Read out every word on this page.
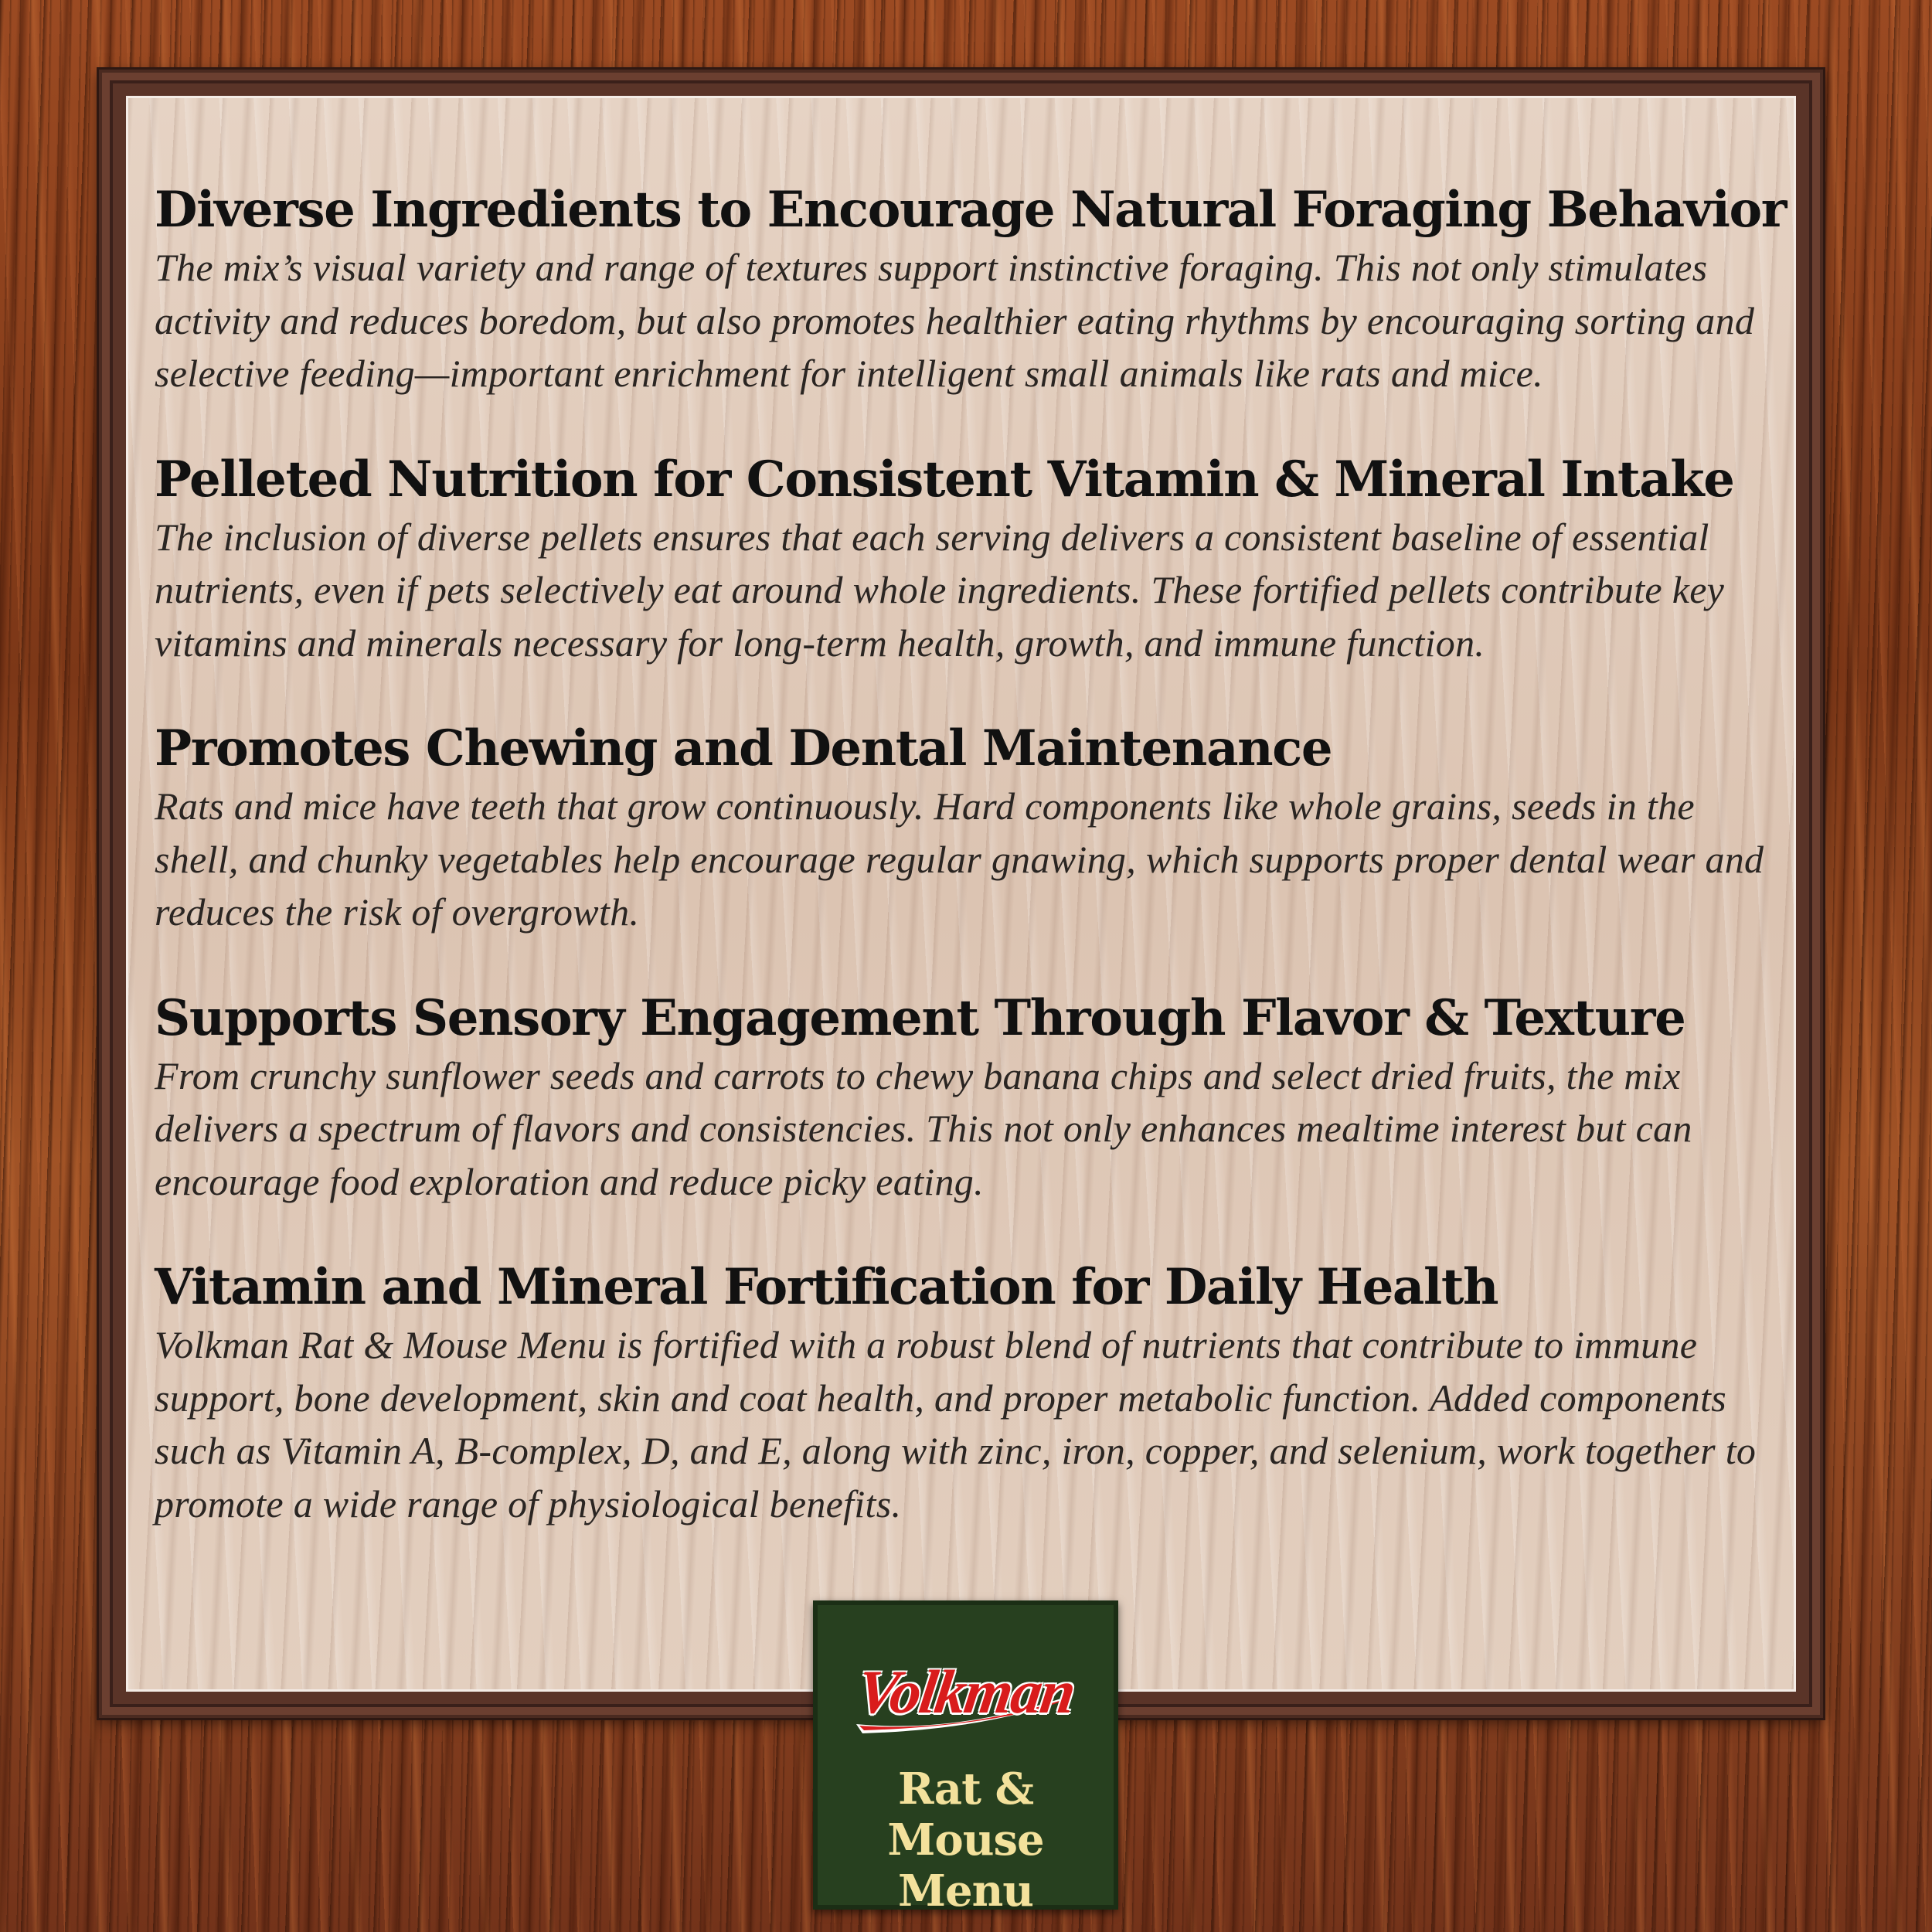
Diverse Ingredients to Encourage Natural Foraging Behavior

The mix’s visual variety and range of textures support instinctive foraging. This not only stimulates activity and reduces boredom, but also promotes healthier eating rhythms by encouraging sorting and selective feeding—important enrichment for intelligent small animals like rats and mice.

Pelleted Nutrition for Consistent Vitamin & Mineral Intake

The inclusion of diverse pellets ensures that each serving delivers a consistent baseline of essential nutrients, even if pets selectively eat around whole ingredients. These fortified pellets contribute key vitamins and minerals necessary for long-term health, growth, and immune function.

Promotes Chewing and Dental Maintenance

Rats and mice have teeth that grow continuously. Hard components like whole grains, seeds in the shell, and chunky vegetables help encourage regular gnawing, which supports proper dental wear and reduces the risk of overgrowth.

Supports Sensory Engagement Through Flavor & Texture

From crunchy sunflower seeds and carrots to chewy banana chips and select dried fruits, the mix delivers a spectrum of flavors and consistencies. This not only enhances mealtime interest but can encourage food exploration and reduce picky eating.

Vitamin and Mineral Fortification for Daily Health

Volkman Rat & Mouse Menu is fortified with a robust blend of nutrients that contribute to immune support, bone development, skin and coat health, and proper metabolic function. Added components such as Vitamin A, B-complex, D, and E, along with zinc, iron, copper, and selenium, work together to promote a wide range of physiological benefits.

Volkman
Rat & Mouse
Menu
